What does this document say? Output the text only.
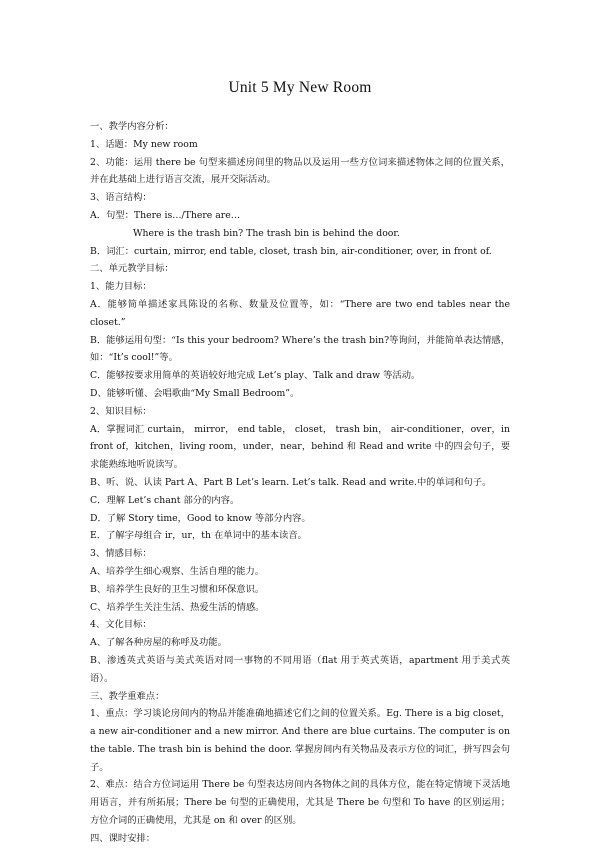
Unit 5 My New Room

一、教学内容分析：

1、话题：My new room

2、功能：运用 there be 句型来描述房间里的物品以及运用一些方位词来描述物体之间的位置关系，并在此基础上进行语言交流，展开交际活动。

3、语言结构：

A．句型：There is…/There are…

Where is the trash bin? The trash bin is behind the door.

B．词汇：curtain, mirror, end table, closet, trash bin, air-conditioner, over, in front of.

二、单元教学目标：

1、能力目标：

A．能够简单描述家具陈设的名称、数量及位置等，如：“There are two end tables near the closet.”

B．能够运用句型：“Is this your bedroom? Where’s the trash bin?等询问，并能简单表达情感，如：“It’s cool!”等。

C．能够按要求用简单的英语较好地完成 Let’s play、Talk and draw 等活动。

D、能够听懂、会唱歌曲“My Small Bedroom”。

2、知识目标：

A．掌握词汇 curtain， mirror， end table， closet， trash bin， air-conditioner，over，in front of，kitchen，living room，under，near，behind 和 Read and write 中的四会句子，要求能熟练地听说读写。

B、听、说、认读 Part A、Part B Let’s learn. Let’s talk. Read and write.中的单词和句子。

C．理解 Let’s chant 部分的内容。

D．了解 Story time，Good to know 等部分内容。

E．了解字母组合 ir，ur，th 在单词中的基本读音。

3、情感目标：

A、培养学生细心观察、生活自理的能力。

B、培养学生良好的卫生习惯和环保意识。

C、培养学生关注生活、热爱生活的情感。

4、文化目标：

A、了解各种房屋的称呼及功能。

B、渗透英式英语与美式英语对同一事物的不同用语（flat 用于英式英语，apartment 用于美式英语）。

三、教学重难点：

1、重点：学习谈论房间内的物品并能准确地描述它们之间的位置关系。Eg. There is a big closet，a new air-conditioner and a new mirror. And there are blue curtains. The computer is on the table. The trash bin is behind the door. 掌握房间内有关物品及表示方位的词汇，拼写四会句子。

2、难点：结合方位词运用 There be 句型表达房间内各物体之间的具体方位，能在特定情境下灵活地用语言，并有所拓展；There be 句型的正确使用，尤其是 There be 句型和 To have 的区别运用；方位介词的正确使用，尤其是 on 和 over 的区别。

四、课时安排：
